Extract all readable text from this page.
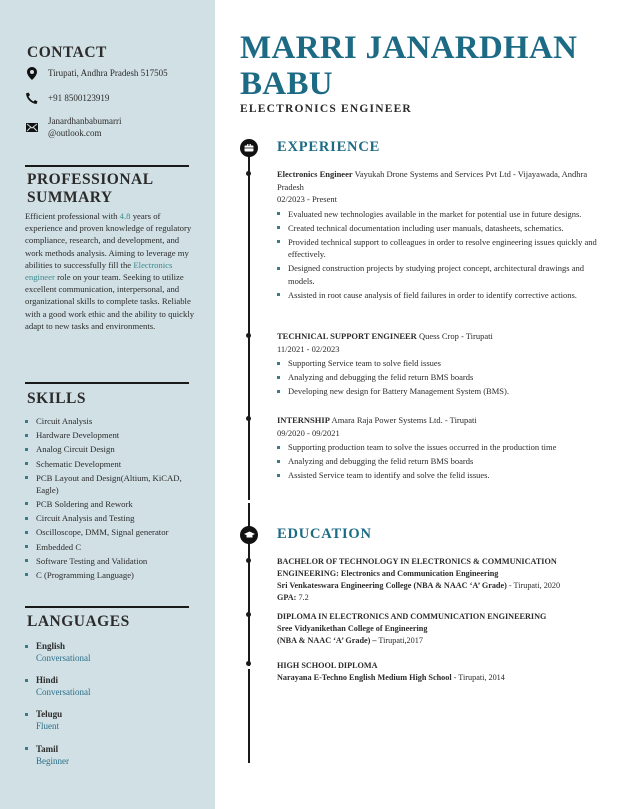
CONTACT
Tirupati, Andhra Pradesh 517505
+91 8500123919
Janardhanbabumarri
@outlook.com
PROFESSIONAL
SUMMARY
Efficient professional with 4.8 years of experience and proven knowledge of regulatory compliance, research, and development, and work methods analysis. Aiming to leverage my abilities to successfully fill the Electronics engineer role on your team. Seeking to utilize excellent communication, interpersonal, and organizational skills to complete tasks. Reliable with a good work ethic and the ability to quickly adapt to new tasks and environments.
SKILLS
Circuit Analysis
Hardware Development
Analog Circuit Design
Schematic Development
PCB Layout and Design(Altium, KiCAD, Eagle)
PCB Soldering and Rework
Circuit Analysis and Testing
Oscilloscope, DMM, Signal generator
Embedded C
Software Testing and Validation
C (Programming Language)
LANGUAGES
English
Conversational
Hindi
Conversational
Telugu
Fluent
Tamil
Beginner
MARRI JANARDHAN
BABU
ELECTRONICS ENGINEER
EXPERIENCE
Electronics Engineer Vayukah Drone Systems and Services Pvt Ltd - Vijayawada, Andhra Pradesh
02/2023 - Present
Evaluated new technologies available in the market for potential use in future designs.
Created technical documentation including user manuals, datasheets, schematics.
Provided technical support to colleagues in order to resolve engineering issues quickly and effectively.
Designed construction projects by studying project concept, architectural drawings and models.
Assisted in root cause analysis of field failures in order to identify corrective actions.
TECHNICAL SUPPORT ENGINEER Quess Crop - Tirupati
11/2021 - 02/2023
Supporting Service team to solve field issues
Analyzing and debugging the felid return BMS boards
Developing new design for Battery Management System (BMS).
INTERNSHIP Amara Raja Power Systems Ltd. - Tirupati
09/2020 - 09/2021
Supporting production team to solve the issues occurred in the production time
Analyzing and debugging the felid return BMS boards
Assisted Service team to identify and solve the felid issues.
EDUCATION
BACHELOR OF TECHNOLOGY IN ELECTRONICS & COMMUNICATION ENGINEERING: Electronics and Communication Engineering
Sri Venkateswara Engineering College (NBA & NAAC ‘A’ Grade) - Tirupati, 2020
GPA: 7.2
DIPLOMA IN ELECTRONICS AND COMMUNICATION ENGINEERING
Sree Vidyanikethan College of Engineering
(NBA & NAAC ‘A’ Grade) – Tirupati,2017
HIGH SCHOOL DIPLOMA
Narayana E-Techno English Medium High School - Tirupati, 2014
